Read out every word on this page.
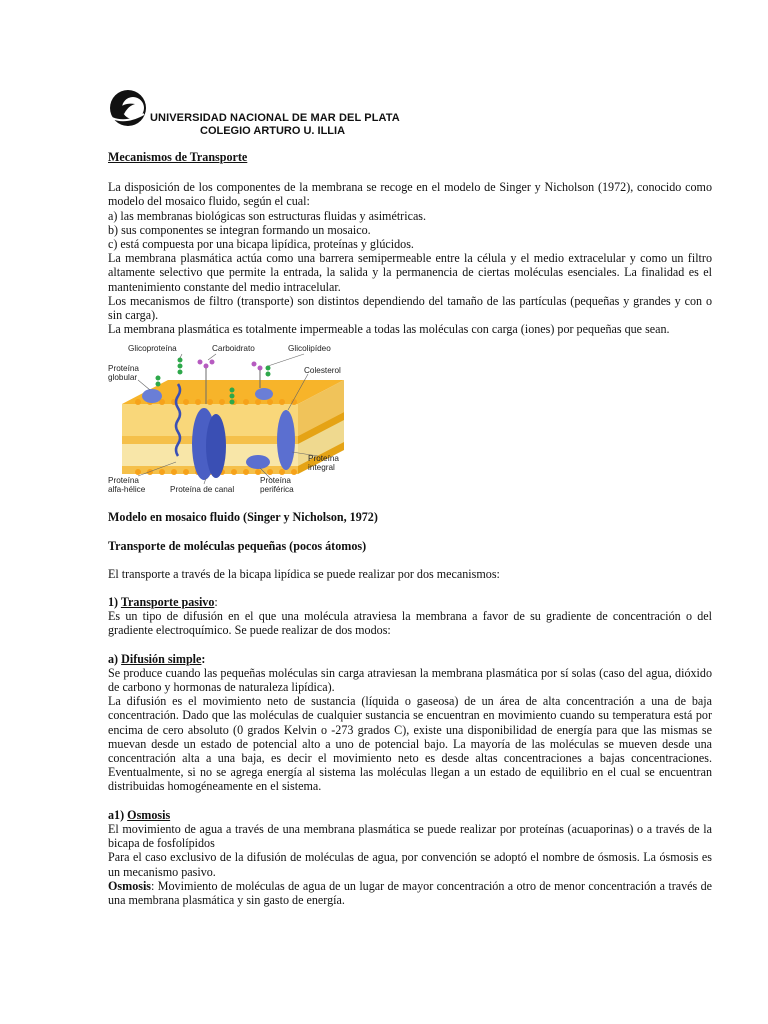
UNIVERSIDAD NACIONAL DE MAR DEL PLATA
COLEGIO ARTURO U. ILLIA

Mecanismos de Transporte

La disposición de los componentes de la membrana se recoge en el modelo de Singer y Nicholson (1972), conocido como modelo del mosaico fluido, según el cual:

a) las membranas biológicas son estructuras fluidas y asimétricas.

b) sus componentes se integran formando un mosaico.

c) está compuesta por una bicapa lipídica, proteínas y glúcidos.

La membrana plasmática actúa como una barrera semipermeable entre la célula y el medio extracelular y como un filtro altamente selectivo que permite la entrada, la salida y la permanencia de ciertas moléculas esenciales. La finalidad es el mantenimiento constante del medio intracelular.

Los mecanismos de filtro (transporte) son distintos dependiendo del tamaño de las partículas (pequeñas y grandes y con o sin carga).

La membrana plasmática es totalmente impermeable a todas las moléculas con carga (iones) por pequeñas que sean.

Glicoproteína	Carboidrato	Glicolipídeo
Proteína
globular
Colesterol
Proteína
integral
Proteína
alfa-hélice	Proteína de canal
Proteína
periférica

Modelo en mosaico fluido (Singer y Nicholson, 1972)

Transporte de moléculas pequeñas (pocos átomos)

El transporte a través de la bicapa lipídica se puede realizar por dos mecanismos:

1) Transporte pasivo:

Es un tipo de difusión en el que una molécula atraviesa la membrana a favor de su gradiente de concentración o del gradiente electroquímico. Se puede realizar de dos modos:

a) Difusión simple:

Se produce cuando las pequeñas moléculas sin carga atraviesan la membrana plasmática por sí solas (caso del agua, dióxido de carbono y hormonas de naturaleza lipídica).

La difusión es el movimiento neto de sustancia (líquida o gaseosa) de un área de alta concentración a una de baja concentración. Dado que las moléculas de cualquier sustancia se encuentran en movimiento cuando su temperatura está por encima de cero absoluto (0 grados Kelvin o -273 grados C), existe una disponibilidad de energía para que las mismas se muevan desde un estado de potencial alto a uno de potencial bajo. La mayoría de las moléculas se mueven desde una concentración alta a una baja, es decir el movimiento neto es desde altas concentraciones a bajas concentraciones. Eventualmente, si no se agrega energía al sistema las moléculas llegan a un estado de equilibrio en el cual se encuentran distribuidas homogéneamente en el sistema.

a1) Osmosis

El movimiento de agua a través de una membrana plasmática se puede realizar por proteínas (acuaporinas) o a través de la bicapa de fosfolípidos

Para el caso exclusivo de la difusión de moléculas de agua, por convención se adoptó el nombre de ósmosis. La ósmosis es un mecanismo pasivo.

Osmosis: Movimiento de moléculas de agua de un lugar de mayor concentración a otro de menor concentración a través de una membrana plasmática y sin gasto de energía.
